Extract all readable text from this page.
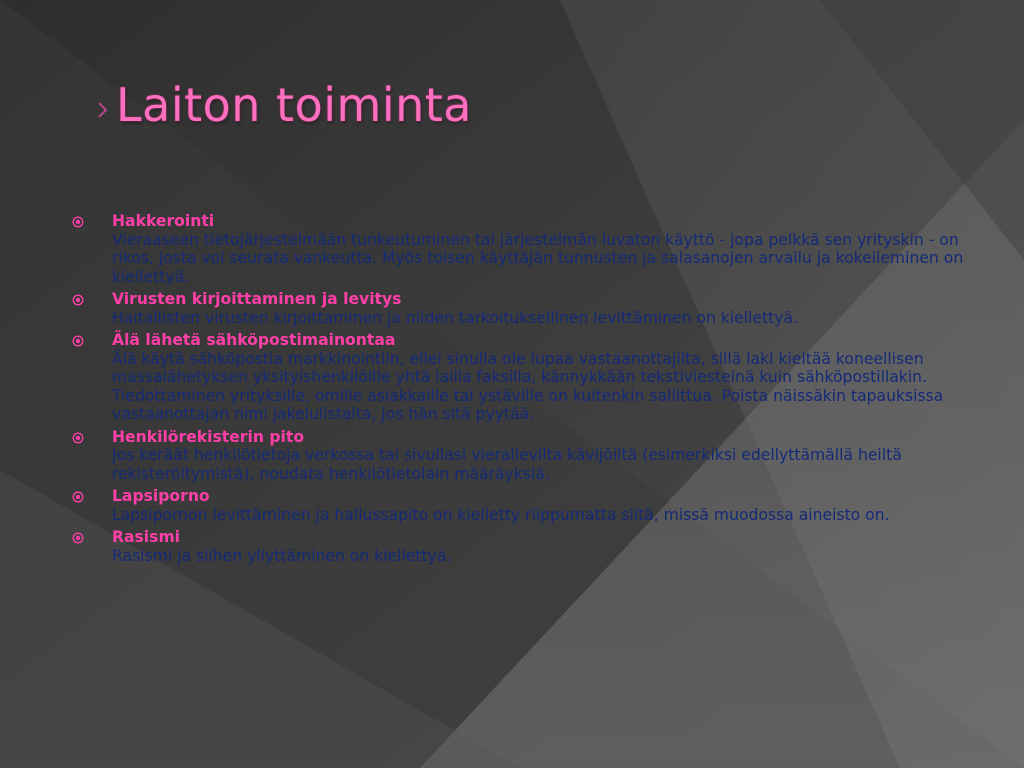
Laiton toiminta
Hakkerointi
Vieraaseen tietojärjestelmään tunkeutuminen tai järjestelmän luvaton käyttö - jopa pelkkä sen yrityskin - on rikos, josta voi seurata vankeutta. Myös toisen käyttäjän tunnusten ja salasanojen arvailu ja kokeileminen on kiellettyä.
Virusten kirjoittaminen ja levitys
Haitallisten virusten kirjoittaminen ja niiden tarkoituksellinen levittäminen on kiellettyä.
Älä lähetä sähköpostimainontaa
Älä käytä sähköpostia markkinointiin, ellei sinulla ole lupaa vastaanottajilta, sillä laki kieltää koneellisen massalähetyksen yksityishenkilöille yhtä lailla faksilla, kännykkään tekstiviesteinä kuin sähköpostillakin. Tiedottaminen yrityksille, omille asiakkaille tai ystäville on kuitenkin sallittua. Poista näissäkin tapauksissa vastaanottajan nimi jakelulistalta, jos hän sitä pyytää.
Henkilörekisterin pito
Jos keräät henkilötietoja verkossa tai sivullasi vierailevilta kävijöiltä (esimerkiksi edellyttämällä heiltä rekisteröitymistä), noudata henkilötietolain määräyksiä.
Lapsiporno
Lapsipornon levittäminen ja hallussapito on kielletty riippumatta siitä, missä muodossa aineisto on.
Rasismi
Rasismi ja siihen yllyttäminen on kiellettyä.
